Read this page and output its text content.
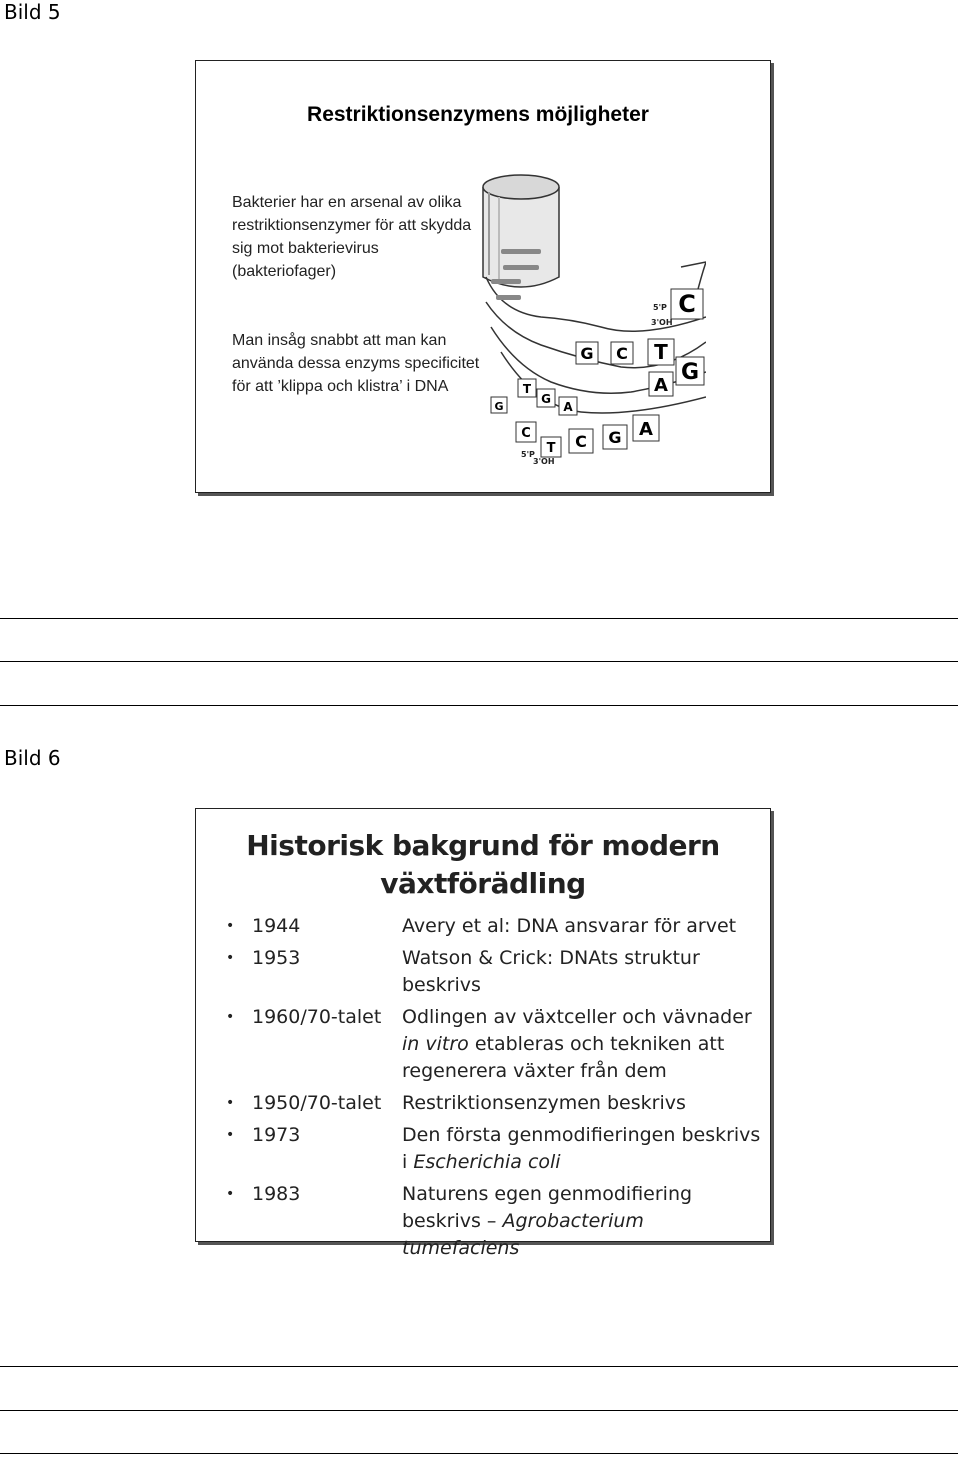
Bild 5
Restriktionsenzymens möjligheter
Bakterier har en arsenal av olika restriktionsenzymer för att skydda sig mot bakterievirus (bakteriofager)
Man insåg snabbt att man kan använda dessa enzyms specificitet för att ’klippa och klistra’ i DNA
C
T
G
A
G C
T
G
A
C
T C G A
G
5'P
3'OH
5'P
3'OH
Bild 6
Historisk bakgrund för modern växtförädling
• 1944	Avery et al: DNA ansvarar för arvet
• 1953	Watson & Crick: DNAts struktur beskrivs
• 1960/70-talet	Odlingen av växtceller och vävnader in vitro etableras och tekniken att regenerera växter från dem
• 1950/70-talet	Restriktionsenzymen beskrivs
• 1973	Den första genmodifieringen beskrivs i Escherichia coli
• 1983	Naturens egen genmodifiering beskrivs – Agrobacterium tumefaciens
